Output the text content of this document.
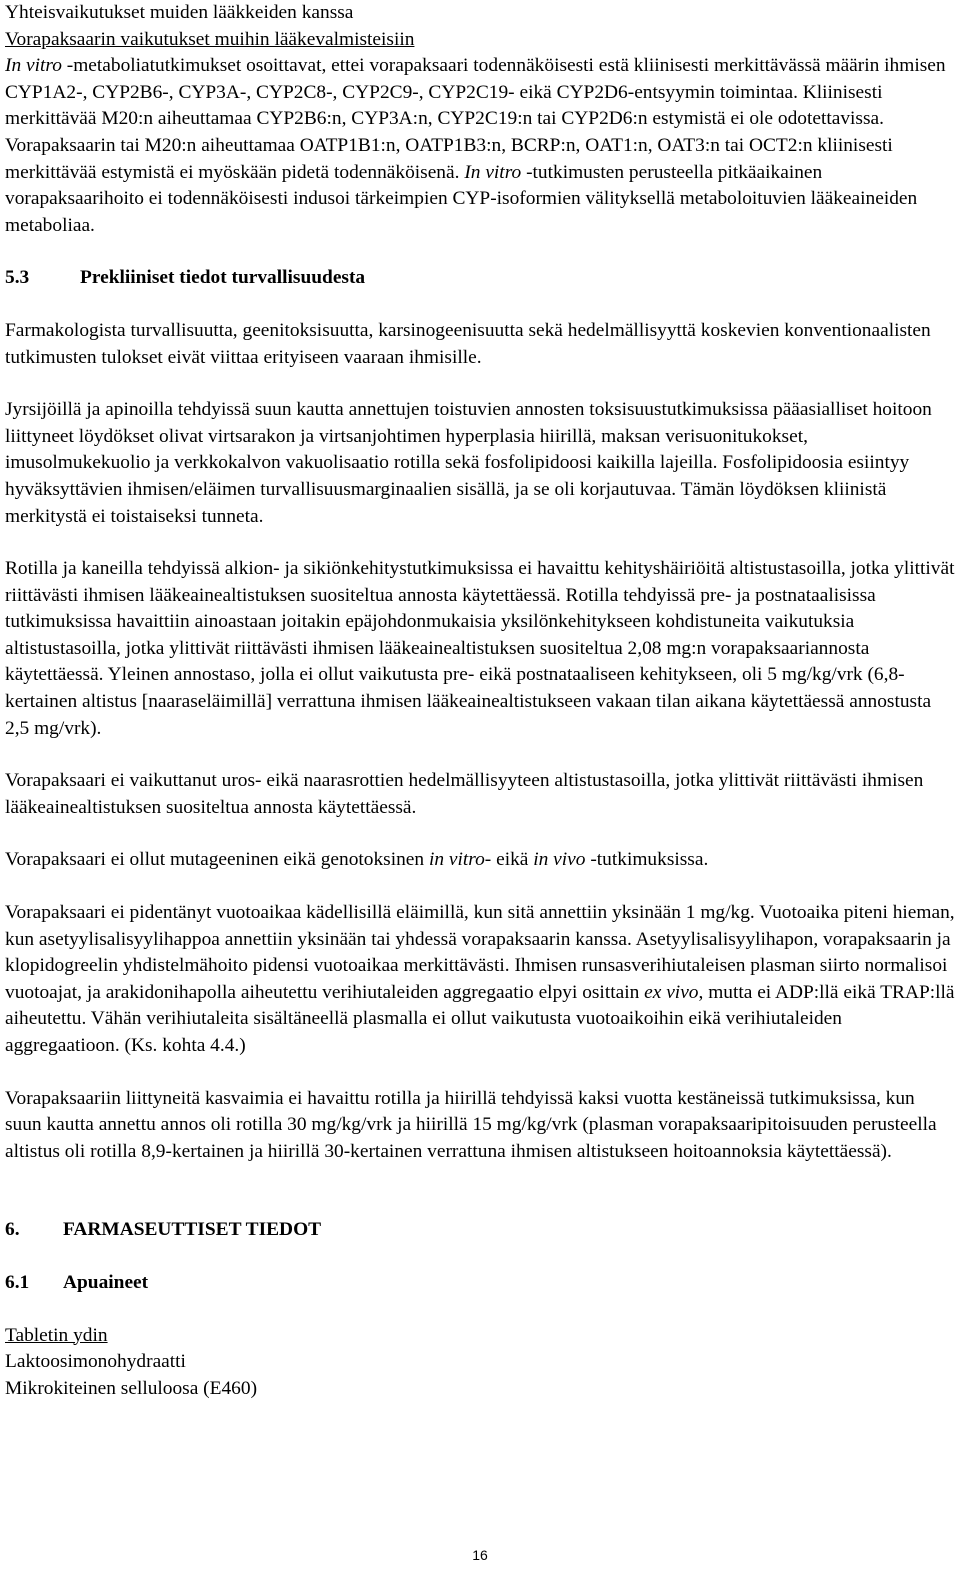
Yhteisvaikutukset muiden lääkkeiden kanssa

Vorapaksaarin vaikutukset muihin lääkevalmisteisiin

In vitro -metaboliatutkimukset osoittavat, ettei vorapaksaari todennäköisesti estä kliinisesti merkittävässä määrin ihmisen CYP1A2-, CYP2B6-, CYP3A-, CYP2C8-, CYP2C9-, CYP2C19- eikä CYP2D6-entsyymin toimintaa. Kliinisesti merkittävää M20:n aiheuttamaa CYP2B6:n, CYP3A:n, CYP2C19:n tai CYP2D6:n estymistä ei ole odotettavissa. Vorapaksaarin tai M20:n aiheuttamaa OATP1B1:n, OATP1B3:n, BCRP:n, OAT1:n, OAT3:n tai OCT2:n kliinisesti merkittävää estymistä ei myöskään pidetä todennäköisenä. In vitro -tutkimusten perusteella pitkäaikainen vorapaksaarihoito ei todennäköisesti indusoi tärkeimpien CYP-isoformien välityksellä metaboloituvien lääkeaineiden metaboliaa.

5.3	Prekliiniset tiedot turvallisuudesta

Farmakologista turvallisuutta, geenitoksisuutta, karsinogeenisuutta sekä hedelmällisyyttä koskevien konventionaalisten tutkimusten tulokset eivät viittaa erityiseen vaaraan ihmisille.

Jyrsijöillä ja apinoilla tehdyissä suun kautta annettujen toistuvien annosten toksisuustutkimuksissa pääasialliset hoitoon liittyneet löydökset olivat virtsarakon ja virtsanjohtimen hyperplasia hiirillä, maksan verisuonitukokset, imusolmukekuolio ja verkkokalvon vakuolisaatio rotilla sekä fosfolipidoosi kaikilla lajeilla. Fosfolipidoosia esiintyy hyväksyttävien ihmisen/eläimen turvallisuusmarginaalien sisällä, ja se oli korjautuvaa. Tämän löydöksen kliinistä merkitystä ei toistaiseksi tunneta.

Rotilla ja kaneilla tehdyissä alkion- ja sikiönkehitystutkimuksissa ei havaittu kehityshäiriöitä altistustasoilla, jotka ylittivät riittävästi ihmisen lääkeainealtistuksen suositeltua annosta käytettäessä. Rotilla tehdyissä pre- ja postnataalisissa tutkimuksissa havaittiin ainoastaan joitakin epäjohdonmukaisia yksilönkehitykseen kohdistuneita vaikutuksia altistustasoilla, jotka ylittivät riittävästi ihmisen lääkeainealtistuksen suositeltua 2,08 mg:n vorapaksaariannosta käytettäessä. Yleinen annostaso, jolla ei ollut vaikutusta pre- eikä postnataaliseen kehitykseen, oli 5 mg/kg/vrk (6,8-kertainen altistus [naaraseläimillä] verrattuna ihmisen lääkeainealtistukseen vakaan tilan aikana käytettäessä annostusta 2,5 mg/vrk).

Vorapaksaari ei vaikuttanut uros- eikä naarasrottien hedelmällisyyteen altistustasoilla, jotka ylittivät riittävästi ihmisen lääkeainealtistuksen suositeltua annosta käytettäessä.

Vorapaksaari ei ollut mutageeninen eikä genotoksinen in vitro- eikä in vivo -tutkimuksissa.

Vorapaksaari ei pidentänyt vuotoaikaa kädellisillä eläimillä, kun sitä annettiin yksinään 1 mg/kg. Vuotoaika piteni hieman, kun asetyylisalisyylihappoa annettiin yksinään tai yhdessä vorapaksaarin kanssa. Asetyylisalisyylihapon, vorapaksaarin ja klopidogreelin yhdistelmähoito pidensi vuotoaikaa merkittävästi. Ihmisen runsasverihiutaleisen plasman siirto normalisoi vuotoajat, ja arakidonihapolla aiheutettu verihiutaleiden aggregaatio elpyi osittain ex vivo, mutta ei ADP:llä eikä TRAP:llä aiheutettu. Vähän verihiutaleita sisältäneellä plasmalla ei ollut vaikutusta vuotoaikoihin eikä verihiutaleiden aggregaatioon. (Ks. kohta 4.4.)

Vorapaksaariin liittyneitä kasvaimia ei havaittu rotilla ja hiirillä tehdyissä kaksi vuotta kestäneissä tutkimuksissa, kun suun kautta annettu annos oli rotilla 30 mg/kg/vrk ja hiirillä 15 mg/kg/vrk (plasman vorapaksaaripitoisuuden perusteella altistus oli rotilla 8,9-kertainen ja hiirillä 30-kertainen verrattuna ihmisen altistukseen hoitoannoksia käytettäessä).

6.	FARMASEUTTISET TIEDOT

6.1	Apuaineet

Tabletin ydin

Laktoosimonohydraatti

Mikrokiteinen selluloosa (E460)

16
